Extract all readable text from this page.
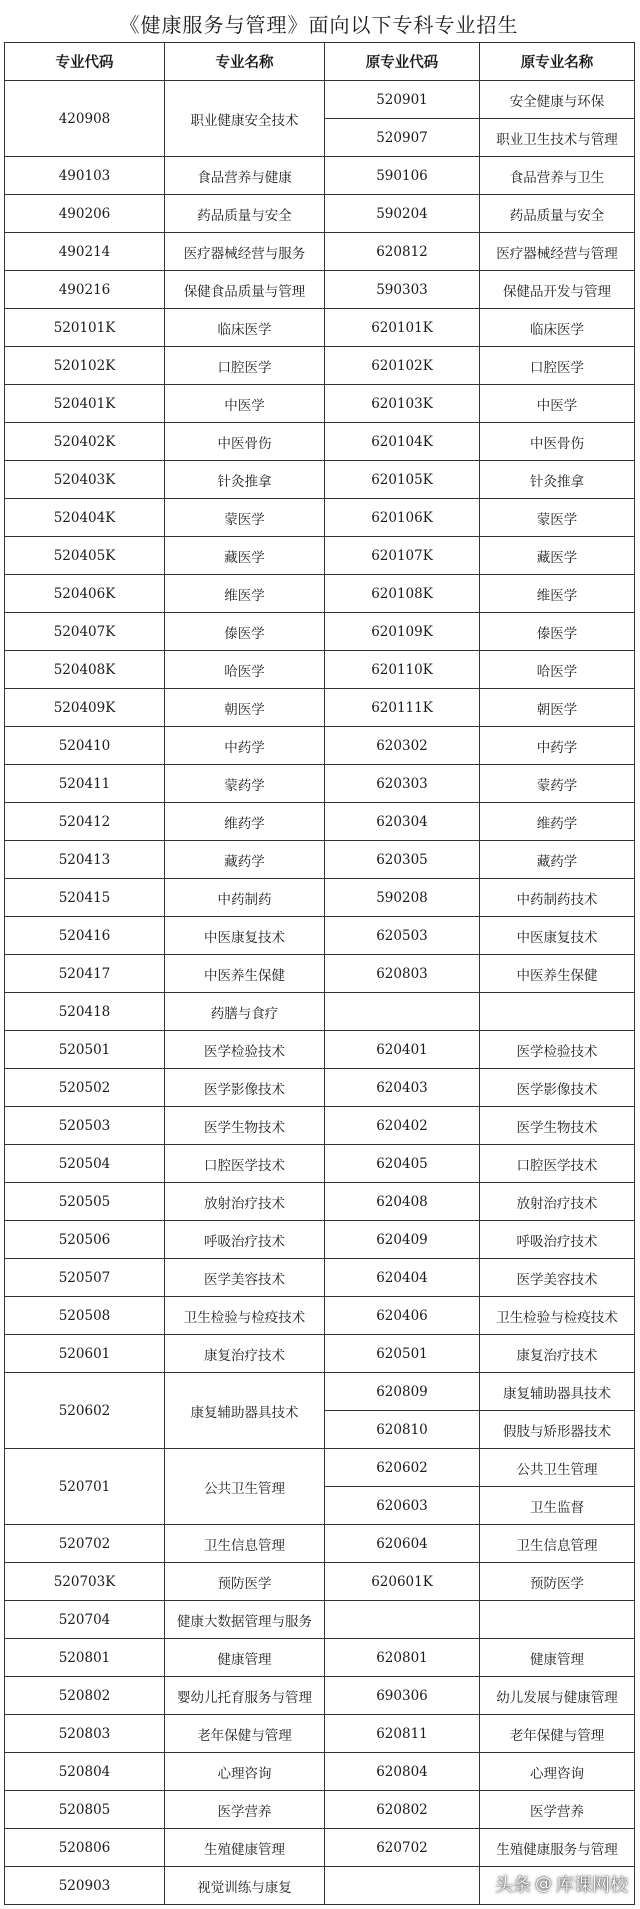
《健康服务与管理》面向以下专科专业招生
专业代码	专业名称	原专业代码	原专业名称
420908	职业健康安全技术	520901	安全健康与环保
		520907	职业卫生技术与管理
490103	食品营养与健康	590106	食品营养与卫生
490206	药品质量与安全	590204	药品质量与安全
490214	医疗器械经营与服务	620812	医疗器械经营与管理
490216	保健食品质量与管理	590303	保健品开发与管理
520101K	临床医学	620101K	临床医学
520102K	口腔医学	620102K	口腔医学
520401K	中医学	620103K	中医学
520402K	中医骨伤	620104K	中医骨伤
520403K	针灸推拿	620105K	针灸推拿
520404K	蒙医学	620106K	蒙医学
520405K	藏医学	620107K	藏医学
520406K	维医学	620108K	维医学
520407K	傣医学	620109K	傣医学
520408K	哈医学	620110K	哈医学
520409K	朝医学	620111K	朝医学
520410	中药学	620302	中药学
520411	蒙药学	620303	蒙药学
520412	维药学	620304	维药学
520413	藏药学	620305	藏药学
520415	中药制药	590208	中药制药技术
520416	中医康复技术	620503	中医康复技术
520417	中医养生保健	620803	中医养生保健
520418	药膳与食疗		
520501	医学检验技术	620401	医学检验技术
520502	医学影像技术	620403	医学影像技术
520503	医学生物技术	620402	医学生物技术
520504	口腔医学技术	620405	口腔医学技术
520505	放射治疗技术	620408	放射治疗技术
520506	呼吸治疗技术	620409	呼吸治疗技术
520507	医学美容技术	620404	医学美容技术
520508	卫生检验与检疫技术	620406	卫生检验与检疫技术
520601	康复治疗技术	620501	康复治疗技术
520602	康复辅助器具技术	620809	康复辅助器具技术
		620810	假肢与矫形器技术
520701	公共卫生管理	620602	公共卫生管理
		620603	卫生监督
520702	卫生信息管理	620604	卫生信息管理
520703K	预防医学	620601K	预防医学
520704	健康大数据管理与服务		
520801	健康管理	620801	健康管理
520802	婴幼儿托育服务与管理	690306	幼儿发展与健康管理
520803	老年保健与管理	620811	老年保健与管理
520804	心理咨询	620804	心理咨询
520805	医学营养	620802	医学营养
520806	生殖健康管理	620702	生殖健康服务与管理
520903	视觉训练与康复			头条 @ 库课网校
